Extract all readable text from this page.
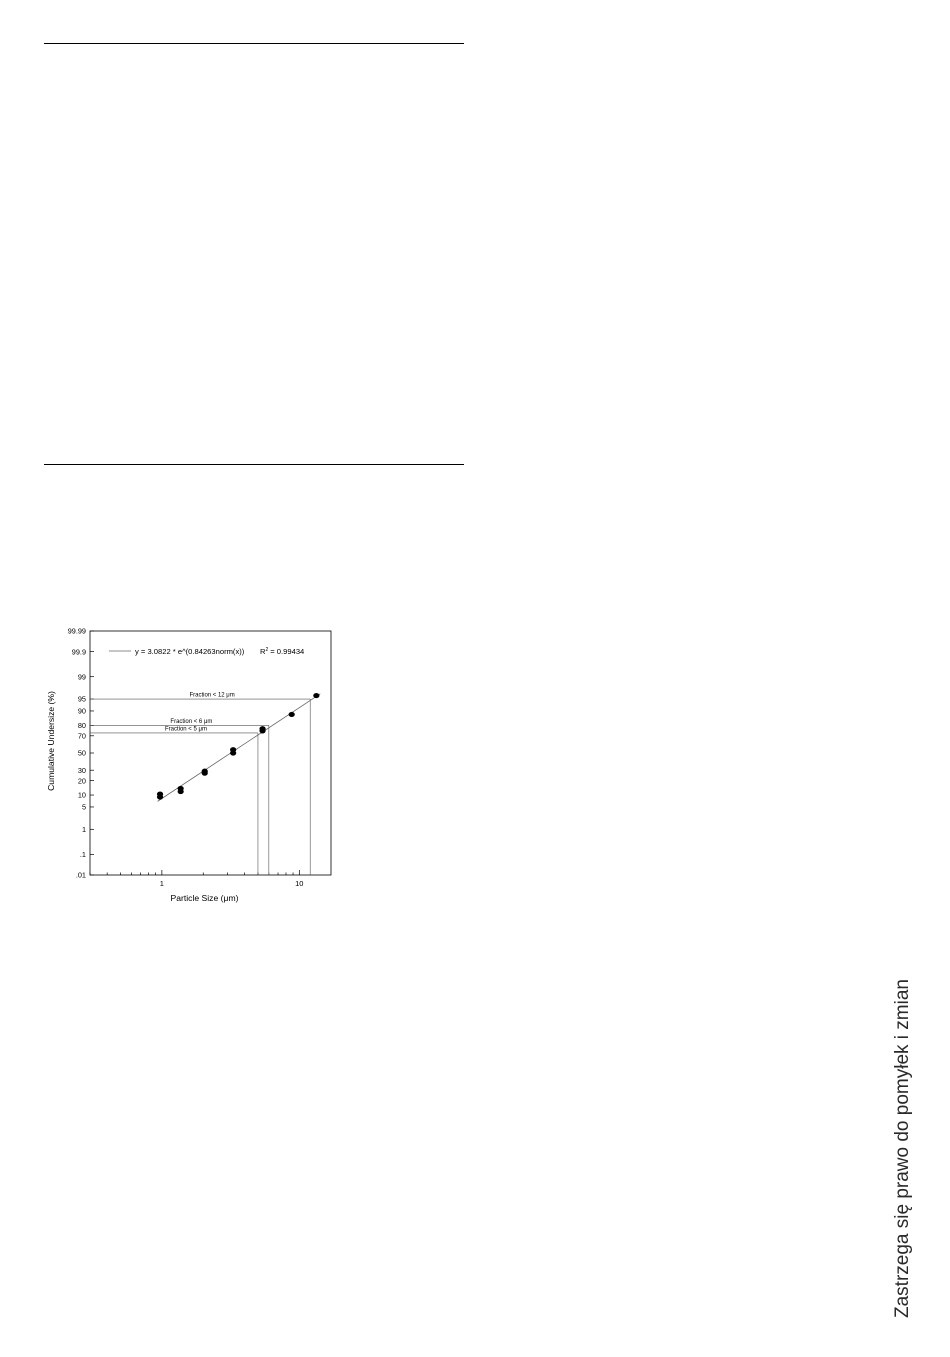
.01
.1
1
5
10
20
30
50
70
80
90
95
99
99.9
99.99
1	10
Fraction < 12 μm
Fraction < 6 μm
Fraction < 5 μm
y = 3.0822 * e^(0.84263norm(x)) $R^2 = 0.99434$
Particle Size (μm)
Cumulative Undersize (%)
Zastrzega się prawo do pomyłek i zmian
